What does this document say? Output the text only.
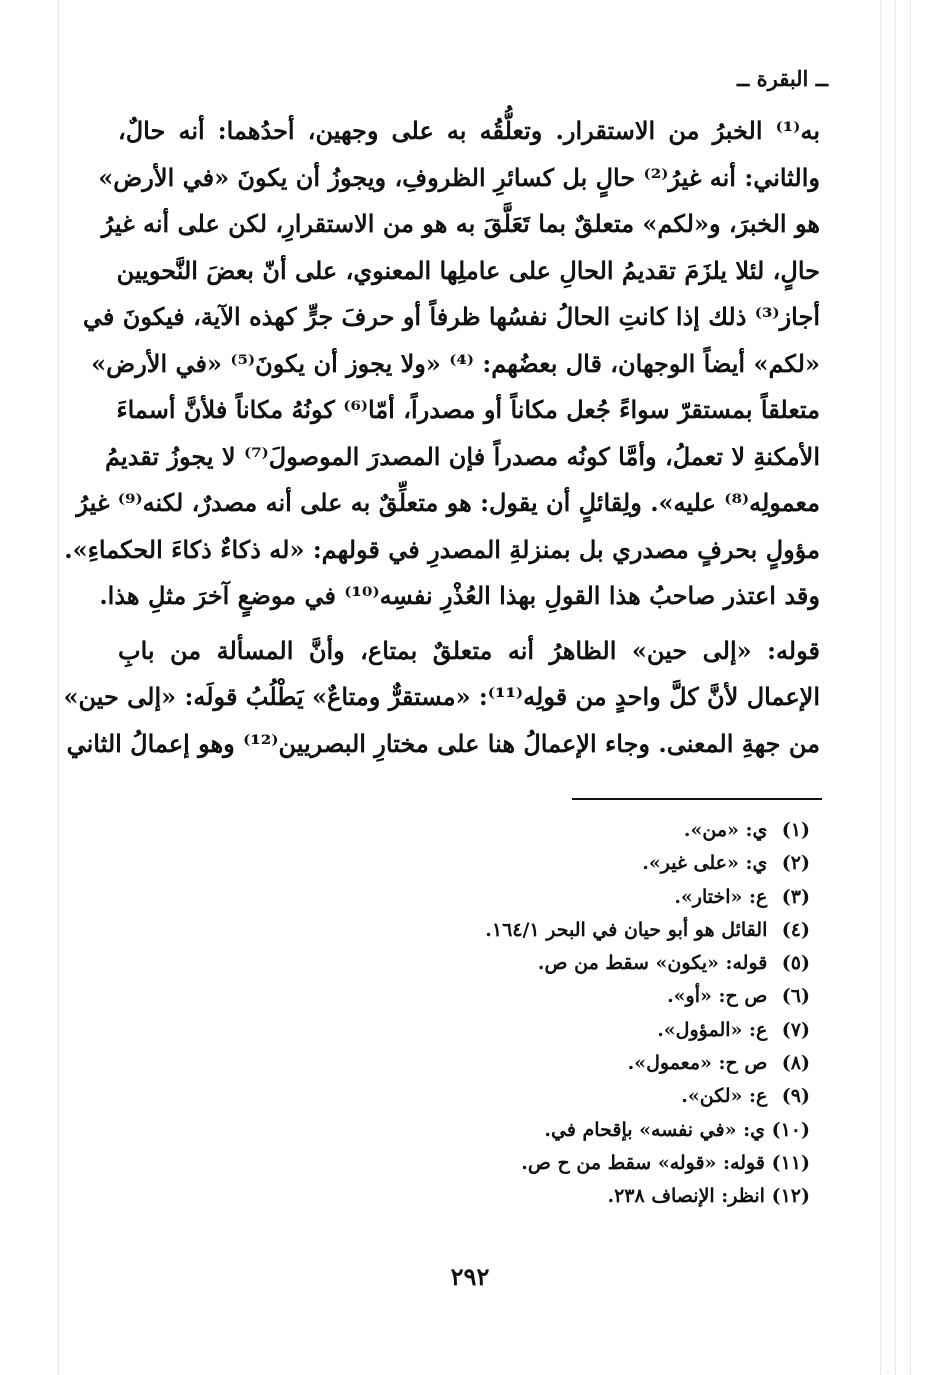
ــ البقرة ــ
به⁽¹⁾ الخبرُ من الاستقرار. وتعلُّقُه به على وجهين، أحدُهما: أنه حالٌ،
والثاني: أنه غيرُ⁽²⁾ حالٍ بل كسائرِ الظروفِ، ويجوزُ أن يكونَ «في الأرض»
هو الخبرَ، و«لكم» متعلقٌ بما تَعَلَّقَ به هو من الاستقرارِ، لكن على أنه غيرُ
حالٍ، لئلا يلزَمَ تقديمُ الحالِ على عاملِها المعنوي، على أنّ بعضَ النَّحويين
أجاز⁽³⁾ ذلك إذا كانتِ الحالُ نفسُها ظرفاً أو حرفَ جرٍّ كهذه الآية، فيكونَ في
«لكم» أيضاً الوجهان، قال بعضُهم: ⁽⁴⁾ «ولا يجوز أن يكونَ⁽⁵⁾ «في الأرض»
متعلقاً بمستقرّ سواءً جُعل مكاناً أو مصدراً، أمّا⁽⁶⁾ كونُهُ مكاناً فلأنَّ أسماءَ
الأمكنةِ لا تعملُ، وأمَّا كونُه مصدراً فإن المصدرَ الموصولَ⁽⁷⁾ لا يجوزُ تقديمُ
معمولِه⁽⁸⁾ عليه». ولِقائلٍ أن يقول: هو متعلِّقٌ به على أنه مصدرٌ، لكنه⁽⁹⁾ غيرُ
مؤولٍ بحرفٍ مصدري بل بمنزلةِ المصدرِ في قولهم: «له ذكاءٌ ذكاءَ الحكماءِ».
وقد اعتذر صاحبُ هذا القولِ بهذا العُذْرِ نفسِه⁽¹⁰⁾ في موضعٍ آخرَ مثلِ هذا.
قوله: «إلى حين» الظاهرُ أنه متعلقٌ بمتاع، وأنَّ المسألة من بابِ
الإعمال لأنَّ كلَّ واحدٍ من قولِه⁽¹¹⁾: «مستقرٌّ ومتاعٌ» يَطْلُبُ قولَه: «إلى حين»
من جهةِ المعنى. وجاء الإعمالُ هنا على مختارِ البصريين⁽¹²⁾ وهو إعمالُ الثاني
(١) ي: «من».
(٢) ي: «على غير».
(٣) ع: «اختار».
(٤) القائل هو أبو حيان في البحر ١٦٤/١.
(٥) قوله: «يكون» سقط من ص.
(٦) ص ح: «أو».
(٧) ع: «المؤول».
(٨) ص ح: «معمول».
(٩) ع: «لكن».
(١٠) ي: «في نفسه» بإقحام في.
(١١) قوله: «قوله» سقط من ح ص.
(١٢) انظر: الإنصاف ٢٣٨.
٢٩٢
